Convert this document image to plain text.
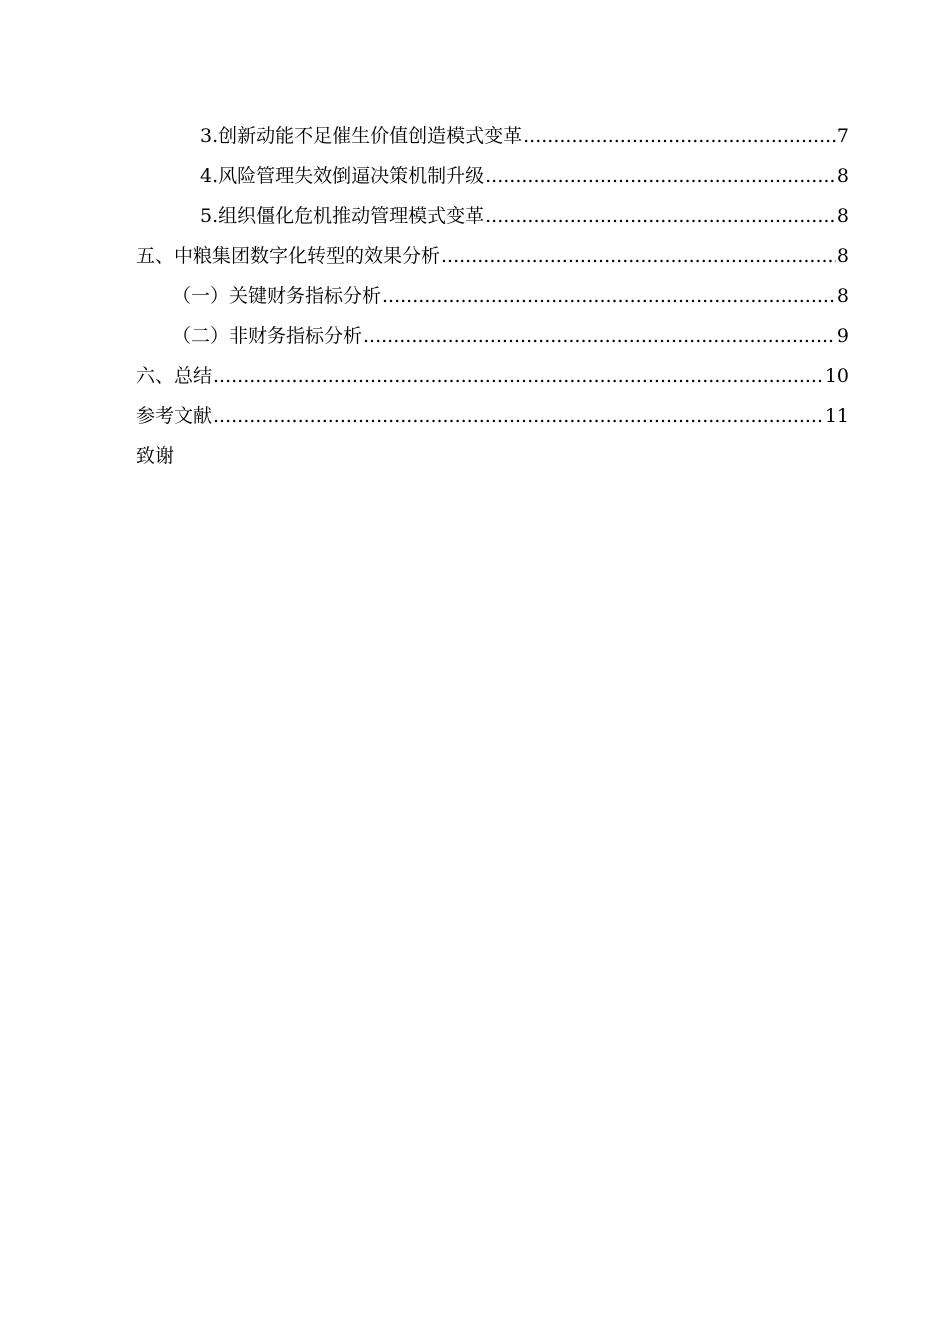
3.创新动能不足催生价值创造模式变革 .....	7
4.风险管理失效倒逼决策机制升级 .....	8
5.组织僵化危机推动管理模式变革 .....	8
五、中粮集团数字化转型的效果分析 .....	8
（一）关键财务指标分析 .....	8
（二）非财务指标分析 .....	9
六、总结 .....	10
参考文献 .....	11
致谢
